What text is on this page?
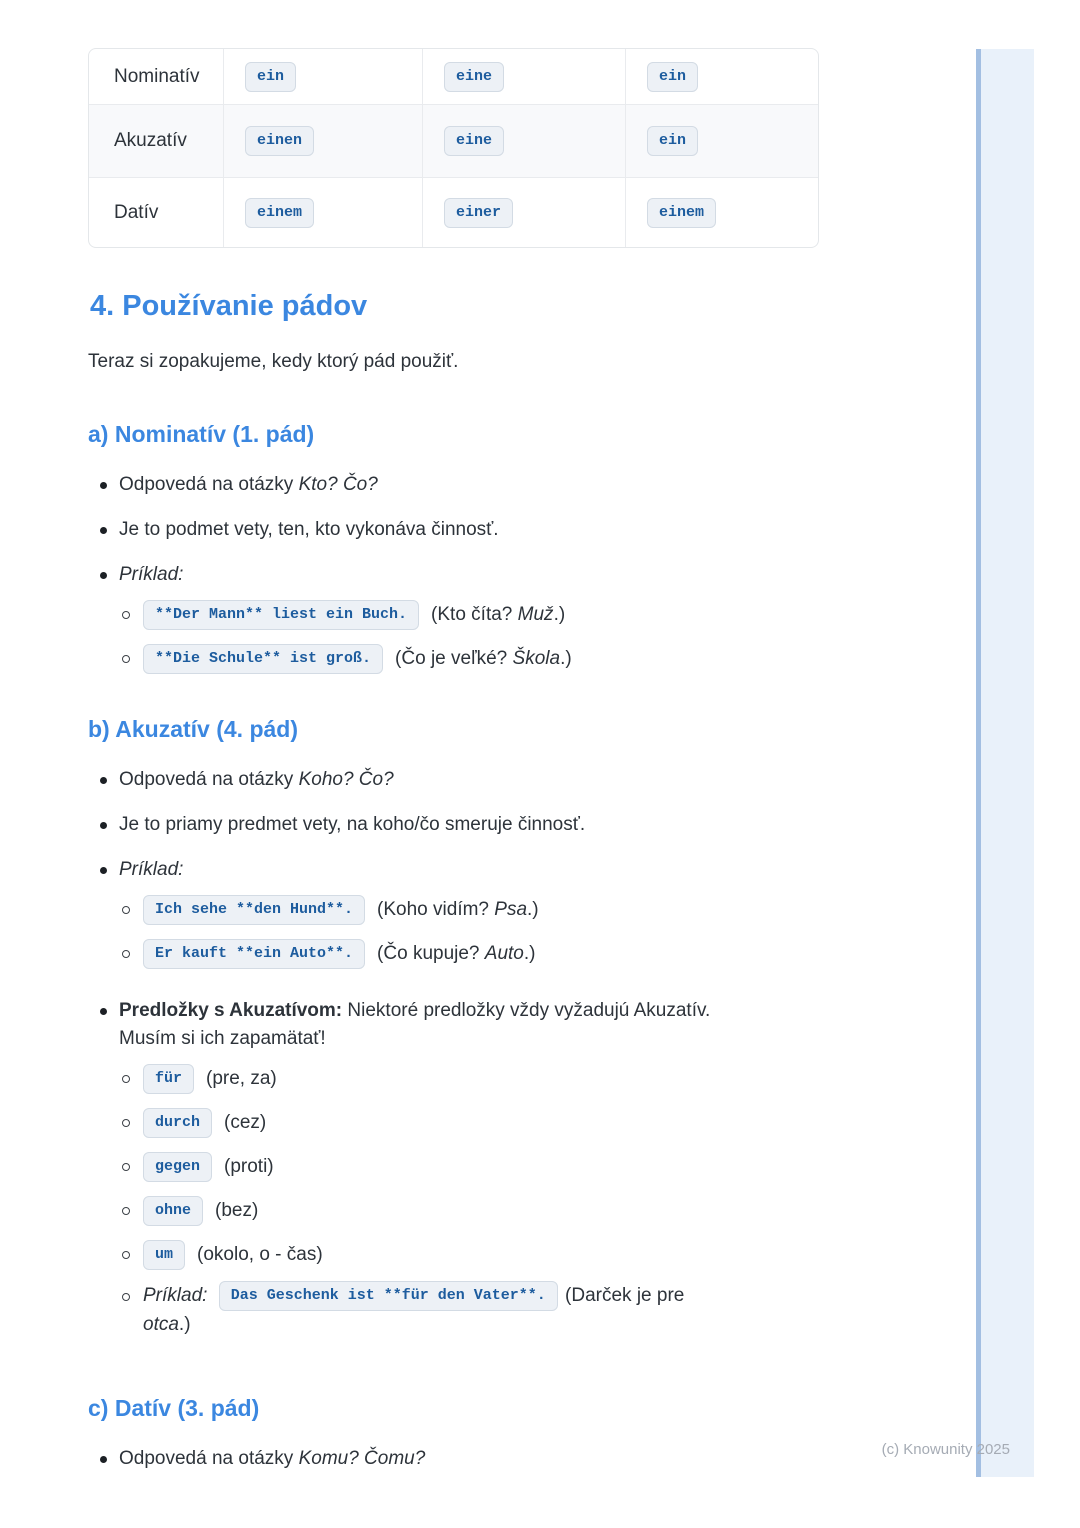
Nominatív	ein	eine	ein
Akuzatív	einen	eine	ein
Datív	einem	einer	einem
4. Používanie pádov
Teraz si zopakujeme, kedy ktorý pád použiť.
a) Nominatív (1. pád)
Odpovedá na otázky Kto? Čo?
Je to podmet vety, ten, kto vykonáva činnosť.
Príklad:
**Der Mann** liest ein Buch.	(Kto číta? Muž.)
**Die Schule** ist groß.	(Čo je veľké? Škola.)
b) Akuzatív (4. pád)
Odpovedá na otázky Koho? Čo?
Je to priamy predmet vety, na koho/čo smeruje činnosť.
Príklad:
Ich sehe **den Hund**.	(Koho vidím? Psa.)
Er kauft **ein Auto**.	(Čo kupuje? Auto.)
Predložky s Akuzatívom: Niektoré predložky vždy vyžadujú Akuzatív.
Musím si ich zapamätať!
für	(pre, za)
durch	(cez)
gegen	(proti)
ohne	(bez)
um	(okolo, o - čas)
Príklad: Das Geschenk ist **für den Vater**. (Darček je pre
otca.)
c) Datív (3. pád)
Odpovedá na otázky Komu? Čomu?	(c) Knowunity 2025
